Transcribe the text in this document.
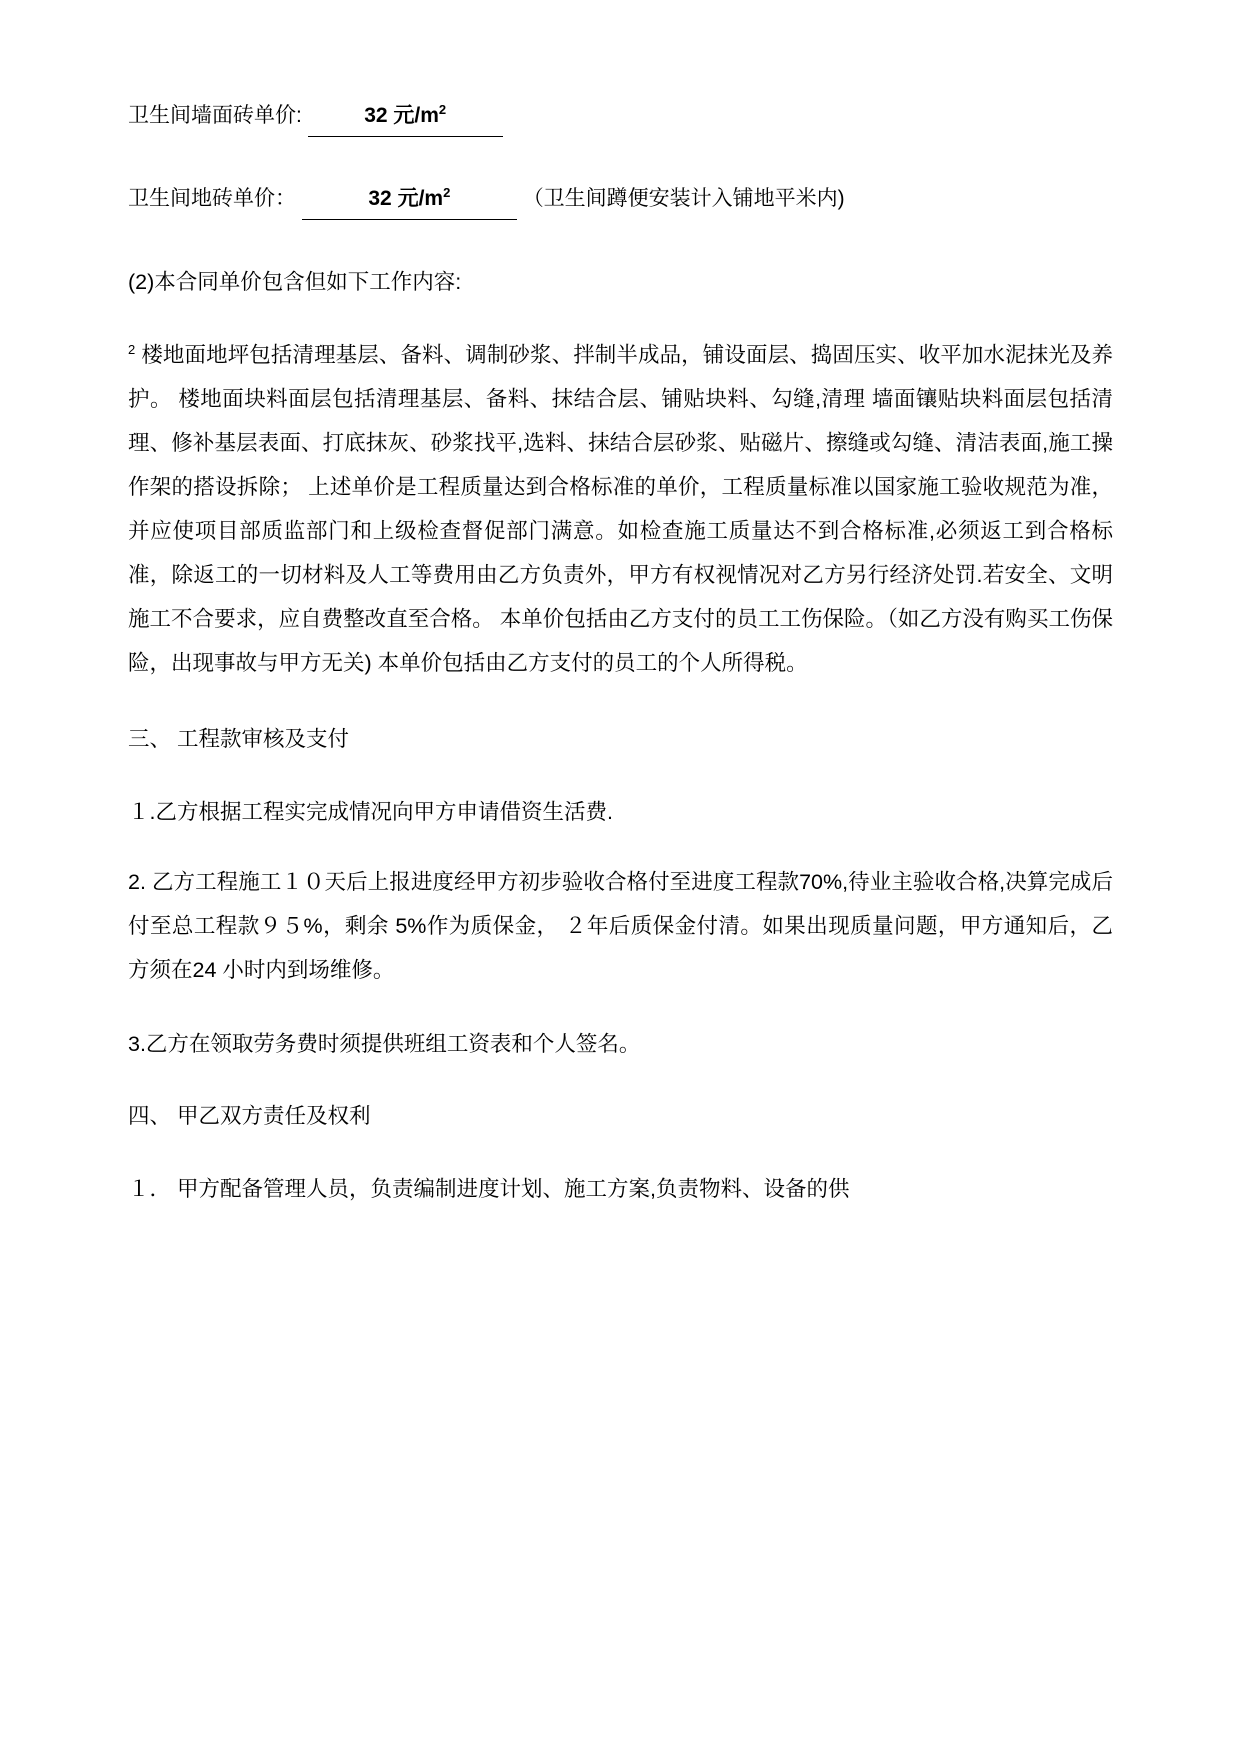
卫生间墙面砖单价:	32 元$/m^2$
卫生间地砖单价：	32 元$/m^2$	（卫生间蹲便安装计入铺地平米内)
(2)本合同单价包含但如下工作内容:
$^2$ 楼地面地坪包括清理基层、备料、调制砂浆、拌制半成品，铺设面层、捣固压实、收平加水泥抹光及养护。 楼地面块料面层包括清理基层、备料、抹结合层、铺贴块料、勾缝,清理 墙面镶贴块料面层包括清理、修补基层表面、打底抹灰、砂浆找平,选料、抹结合层砂浆、贴磁片、擦缝或勾缝、清洁表面,施工操作架的搭设拆除； 上述单价是工程质量达到合格标准的单价，工程质量标准以国家施工验收规范为准，并应使项目部质监部门和上级检查督促部门满意。如检查施工质量达不到合格标准,必须返工到合格标准，除返工的一切材料及人工等费用由乙方负责外，甲方有权视情况对乙方另行经济处罚.若安全、文明施工不合要求，应自费整改直至合格。 本单价包括由乙方支付的员工工伤保险。（如乙方没有购买工伤保险，出现事故与甲方无关) 本单价包括由乙方支付的员工的个人所得税。
三、 工程款审核及支付
１.乙方根据工程实完成情况向甲方申请借资生活费.
2. 乙方工程施工１０天后上报进度经甲方初步验收合格付至进度工程款70%,待业主验收合格,决算完成后付至总工程款９５%，剩余 5%作为质保金， ２年后质保金付清。如果出现质量问题，甲方通知后，乙方须在24 小时内到场维修。
3.乙方在领取劳务费时须提供班组工资表和个人签名。
四、 甲乙双方责任及权利
１． 甲方配备管理人员，负责编制进度计划、施工方案,负责物料、设备的供
